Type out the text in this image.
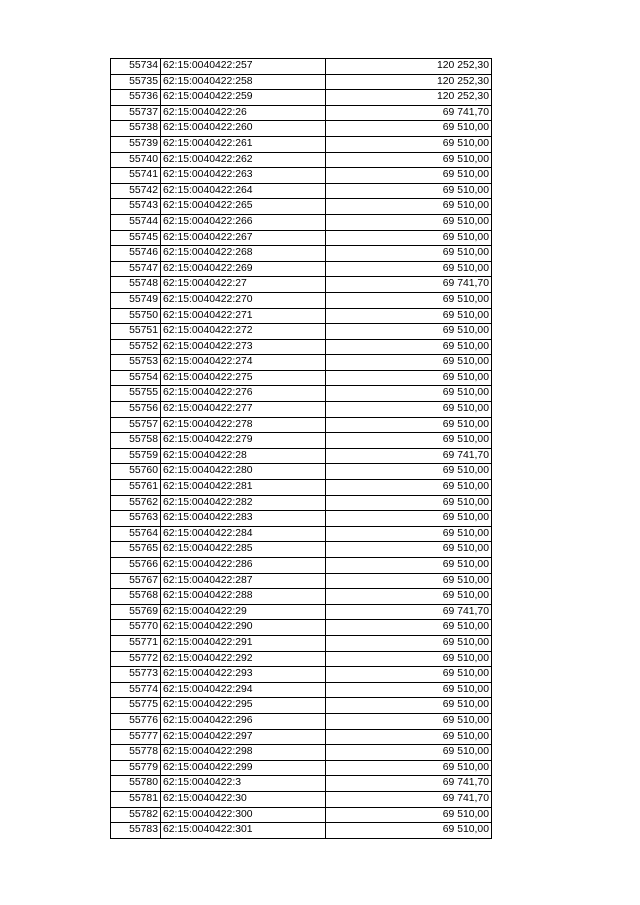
55734	62:15:0040422:257	120 252,30
55735	62:15:0040422:258	120 252,30
55736	62:15:0040422:259	120 252,30
55737	62:15:0040422:26	69 741,70
55738	62:15:0040422:260	69 510,00
55739	62:15:0040422:261	69 510,00
55740	62:15:0040422:262	69 510,00
55741	62:15:0040422:263	69 510,00
55742	62:15:0040422:264	69 510,00
55743	62:15:0040422:265	69 510,00
55744	62:15:0040422:266	69 510,00
55745	62:15:0040422:267	69 510,00
55746	62:15:0040422:268	69 510,00
55747	62:15:0040422:269	69 510,00
55748	62:15:0040422:27	69 741,70
55749	62:15:0040422:270	69 510,00
55750	62:15:0040422:271	69 510,00
55751	62:15:0040422:272	69 510,00
55752	62:15:0040422:273	69 510,00
55753	62:15:0040422:274	69 510,00
55754	62:15:0040422:275	69 510,00
55755	62:15:0040422:276	69 510,00
55756	62:15:0040422:277	69 510,00
55757	62:15:0040422:278	69 510,00
55758	62:15:0040422:279	69 510,00
55759	62:15:0040422:28	69 741,70
55760	62:15:0040422:280	69 510,00
55761	62:15:0040422:281	69 510,00
55762	62:15:0040422:282	69 510,00
55763	62:15:0040422:283	69 510,00
55764	62:15:0040422:284	69 510,00
55765	62:15:0040422:285	69 510,00
55766	62:15:0040422:286	69 510,00
55767	62:15:0040422:287	69 510,00
55768	62:15:0040422:288	69 510,00
55769	62:15:0040422:29	69 741,70
55770	62:15:0040422:290	69 510,00
55771	62:15:0040422:291	69 510,00
55772	62:15:0040422:292	69 510,00
55773	62:15:0040422:293	69 510,00
55774	62:15:0040422:294	69 510,00
55775	62:15:0040422:295	69 510,00
55776	62:15:0040422:296	69 510,00
55777	62:15:0040422:297	69 510,00
55778	62:15:0040422:298	69 510,00
55779	62:15:0040422:299	69 510,00
55780	62:15:0040422:3	69 741,70
55781	62:15:0040422:30	69 741,70
55782	62:15:0040422:300	69 510,00
55783	62:15:0040422:301	69 510,00
